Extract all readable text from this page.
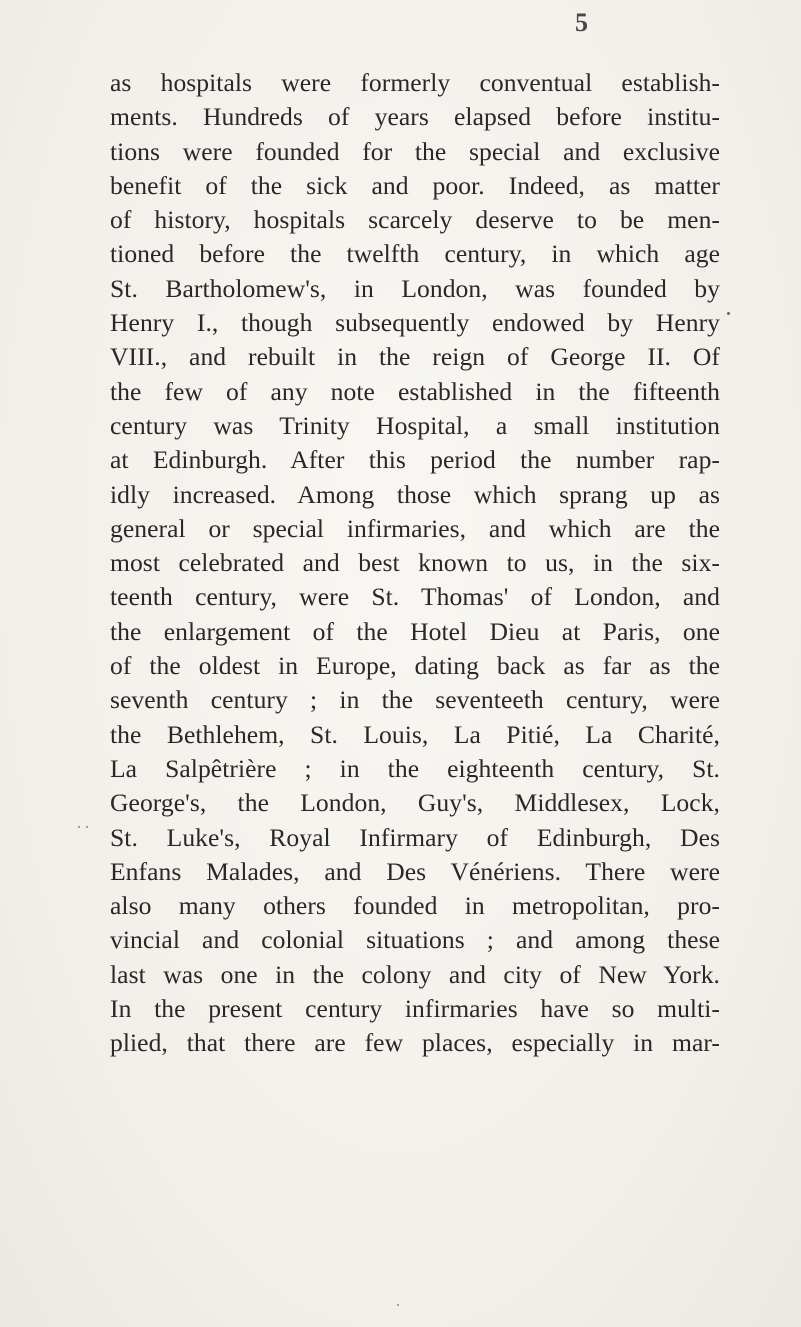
5
as hospitals were formerly conventual establish-
ments. Hundreds of years elapsed before institu-
tions were founded for the special and exclusive
benefit of the sick and poor. Indeed, as matter
of history, hospitals scarcely deserve to be men-
tioned before the twelfth century, in which age
St. Bartholomew's, in London, was founded by
Henry I., though subsequently endowed by Henry
VIII., and rebuilt in the reign of George II. Of
the few of any note established in the fifteenth
century was Trinity Hospital, a small institution
at Edinburgh. After this period the number rap-
idly increased. Among those which sprang up as
general or special infirmaries, and which are the
most celebrated and best known to us, in the six-
teenth century, were St. Thomas' of London, and
the enlargement of the Hotel Dieu at Paris, one
of the oldest in Europe, dating back as far as the
seventh century ; in the seventeeth century, were
the Bethlehem, St. Louis, La Pitié, La Charité,
La Salpêtrière ; in the eighteenth century, St.
George's, the London, Guy's, Middlesex, Lock,
St. Luke's, Royal Infirmary of Edinburgh, Des
Enfans Malades, and Des Vénériens. There were
also many others founded in metropolitan, pro-
vincial and colonial situations ; and among these
last was one in the colony and city of New York.
In the present century infirmaries have so multi-
plied, that there are few places, especially in mar-
